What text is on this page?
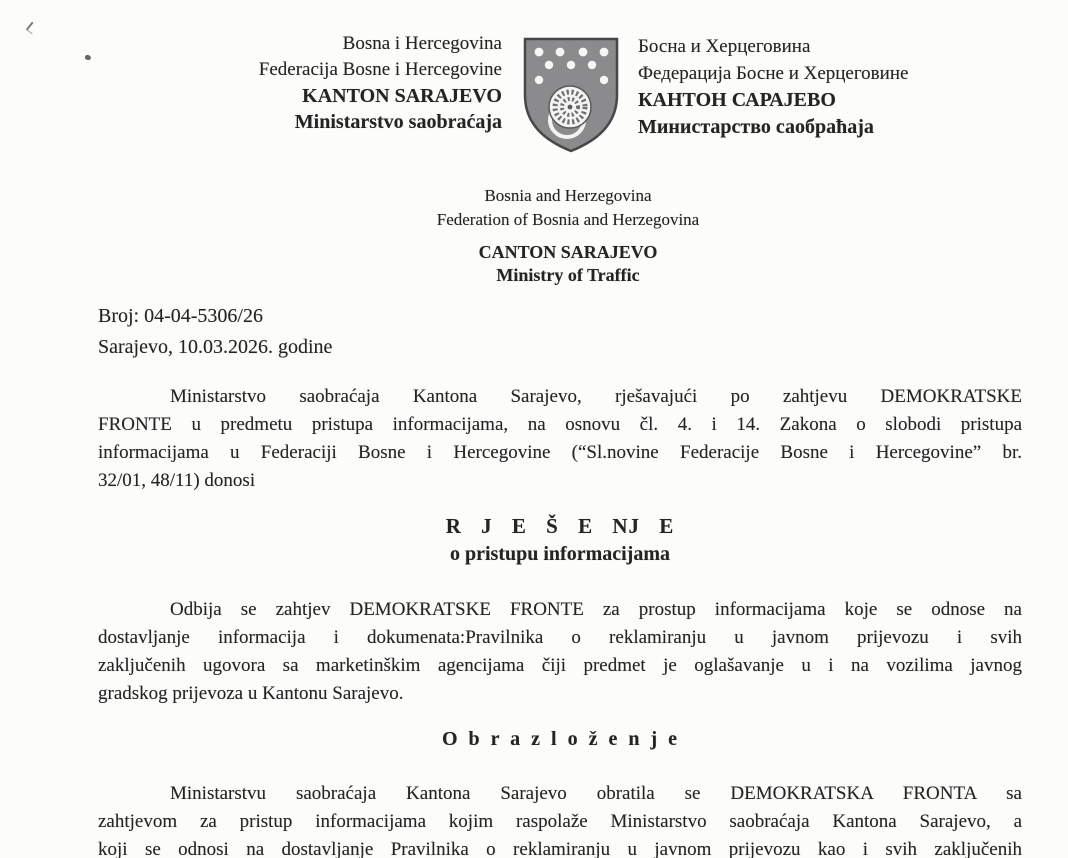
Bosna i Hercegovina
Federacija Bosne i Hercegovine
KANTON SARAJEVO
Ministarstvo saobraćaja
Босна и Херцеговина
Федерација Босне и Херцеговине
КАНТОН САРАЈЕВО
Министарство саобраћаја
Bosnia and Herzegovina
Federation of Bosnia and Herzegovina
CANTON SARAJEVO
Ministry of Traffic
Broj: 04-04-5306/26
Sarajevo, 10.03.2026. godine
Ministarstvo saobraćaja Kantona Sarajevo, rješavajući po zahtjevu DEMOKRATSKE
FRONTE u predmetu pristupa informacijama, na osnovu čl. 4. i 14. Zakona o slobodi pristupa
informacijama u Federaciji Bosne i Hercegovine (“Sl.novine Federacije Bosne i Hercegovine” br.
32/01, 48/11) donosi
R J E Š E NJ E
o pristupu informacijama
Odbija se zahtjev DEMOKRATSKE FRONTE za prostup informacijama koje se odnose na
dostavljanje informacija i dokumenata:Pravilnika o reklamiranju u javnom prijevozu i svih
zaključenih ugovora sa marketinškim agencijama čiji predmet je oglašavanje u i na vozilima javnog
gradskog prijevoza u Kantonu Sarajevo.
O b r a z l o ž e n j e
Ministarstvu saobraćaja Kantona Sarajevo obratila se DEMOKRATSKA FRONTA sa
zahtjevom za pristup informacijama kojim raspolaže Ministarstvo saobraćaja Kantona Sarajevo, a
koji se odnosi na dostavljanje Pravilnika o reklamiranju u javnom prijevozu kao i svih zaključenih
